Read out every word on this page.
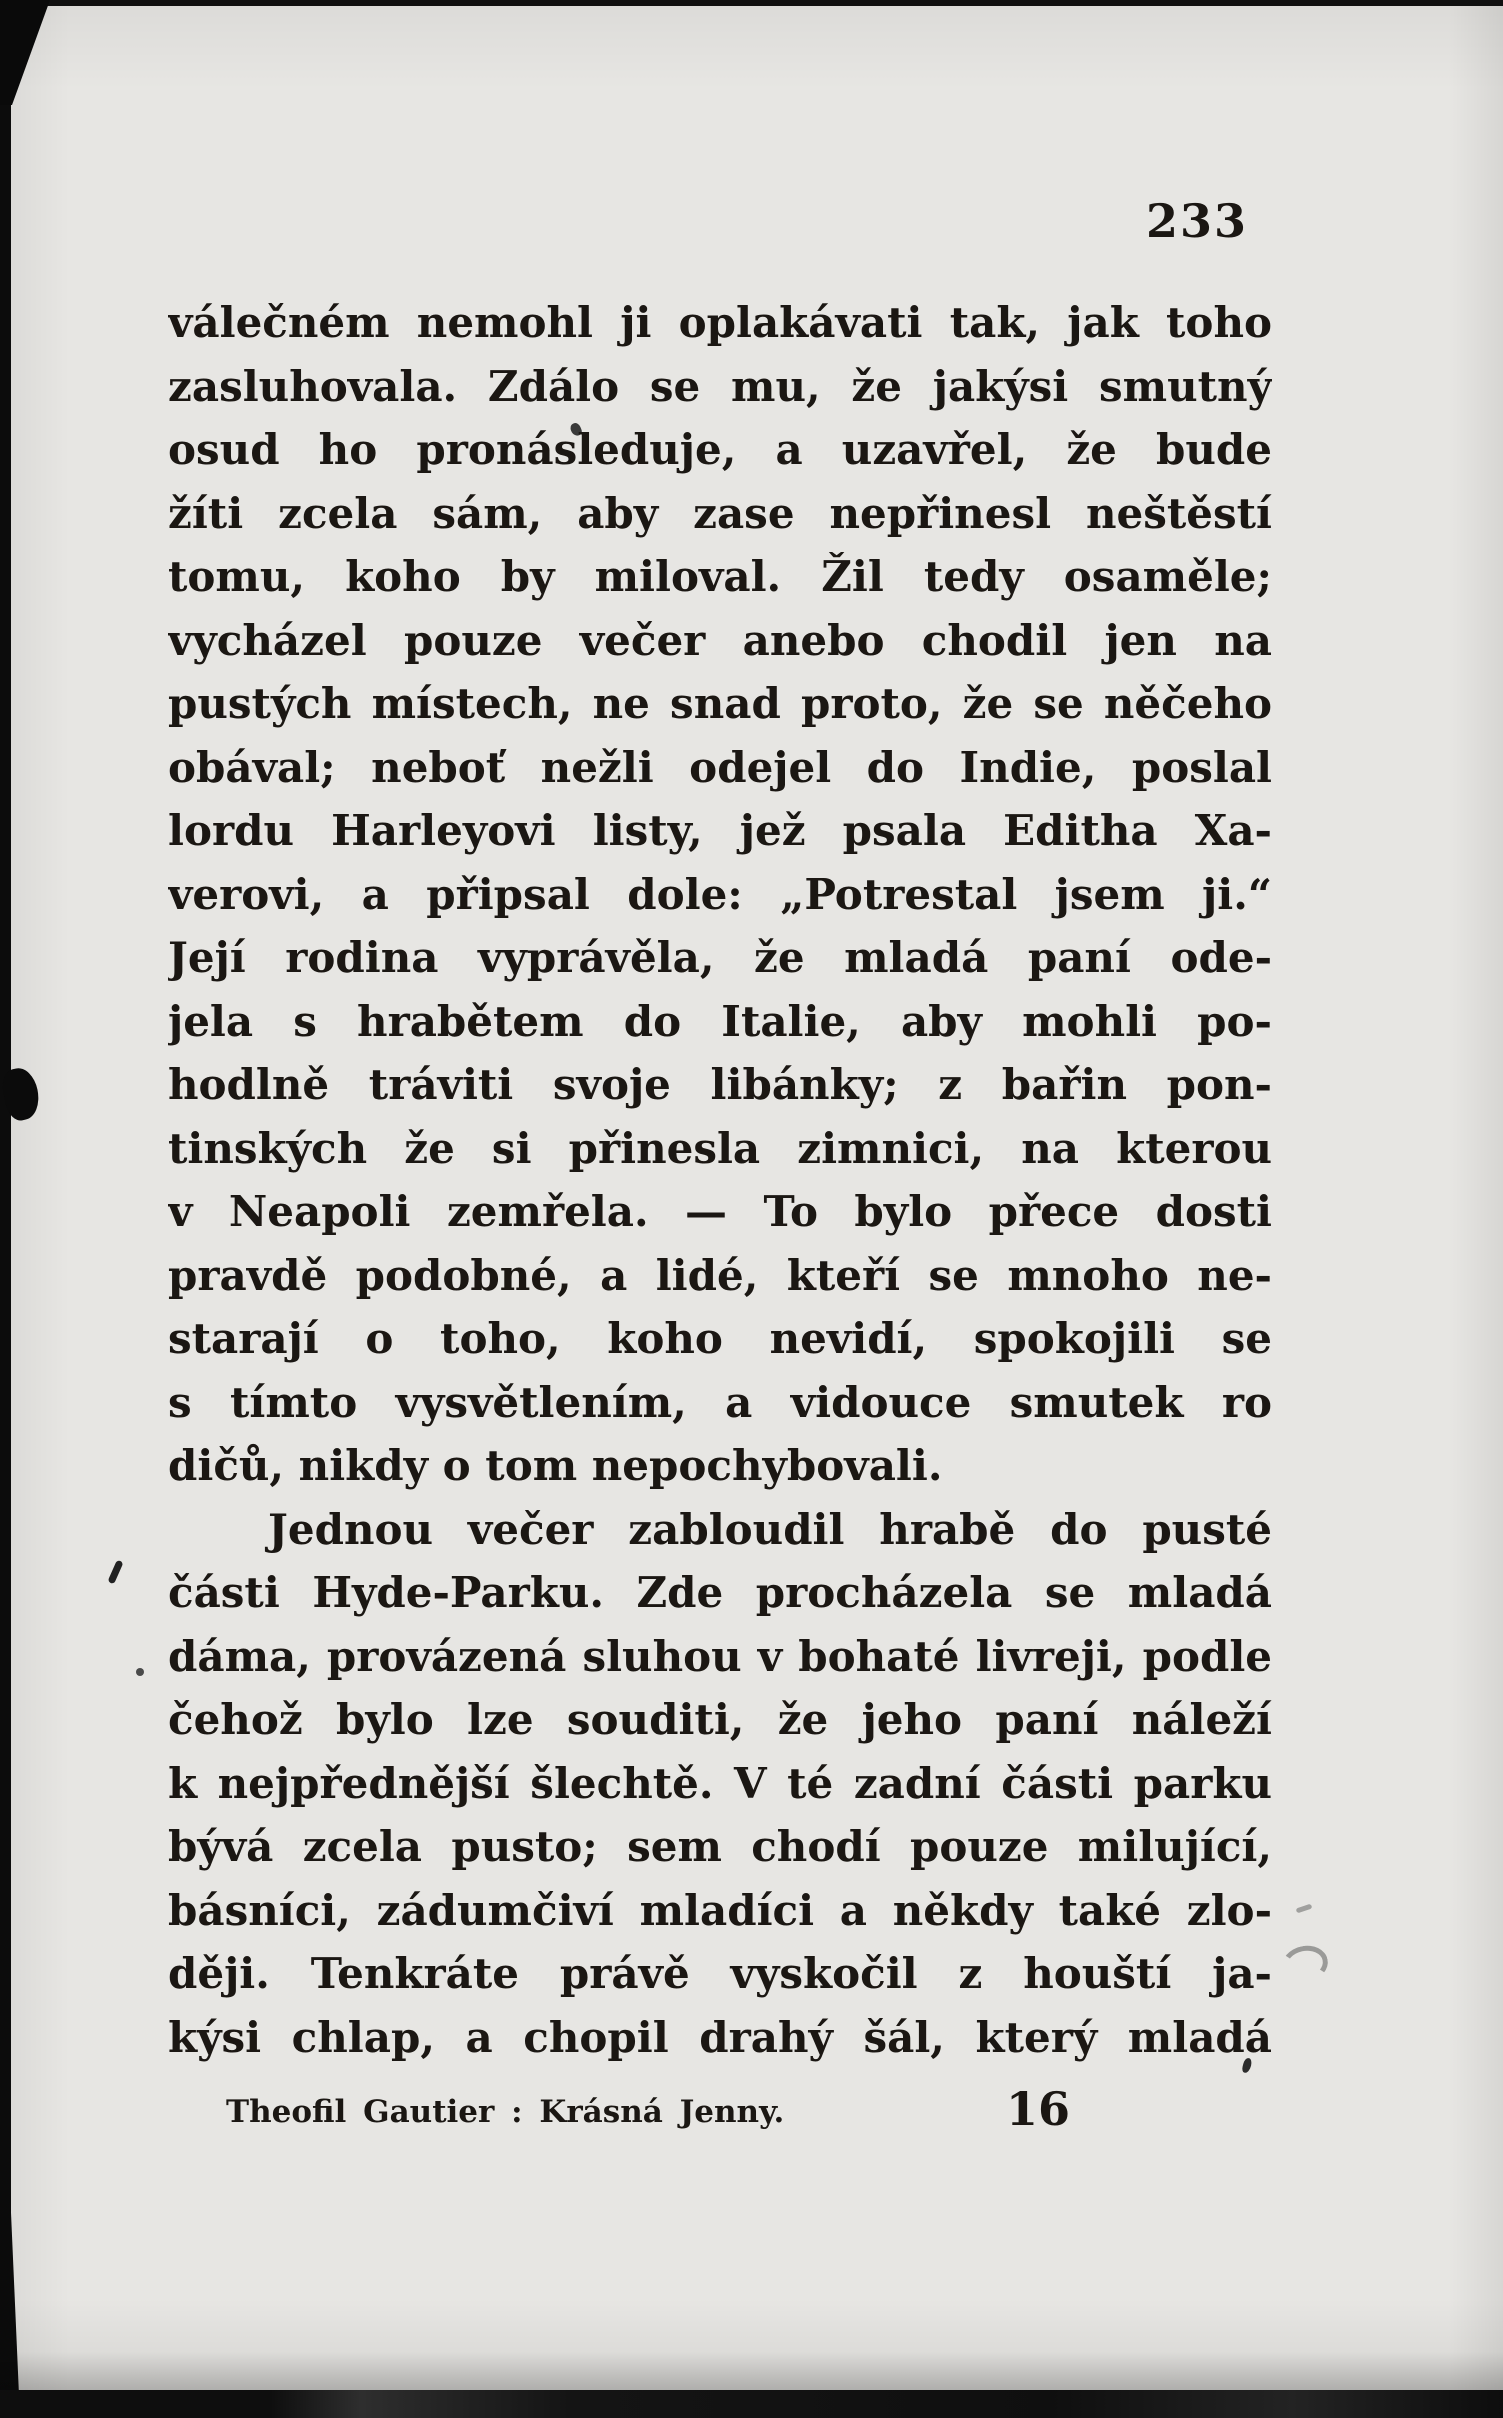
233
válečném nemohl ji oplakávati tak, jak toho
zasluhovala. Zdálo se mu, že jakýsi smutný
osud ho pronásleduje, a uzavřel, že bude
žíti zcela sám, aby zase nepřinesl neštěstí
tomu, koho by miloval. Žil tedy osaměle;
vycházel pouze večer anebo chodil jen na
pustých místech, ne snad proto, že se něčeho
obával; neboť nežli odejel do Indie, poslal
lordu Harleyovi listy, jež psala Editha Xa-
verovi, a připsal dole: „Potrestal jsem ji.“
Její rodina vyprávěla, že mladá paní ode-
jela s hrabětem do Italie, aby mohli po-
hodlně tráviti svoje libánky; z bařin pon-
tinských že si přinesla zimnici, na kterou
v Neapoli zemřela. — To bylo přece dosti
pravdě podobné, a lidé, kteří se mnoho ne-
starají o toho, koho nevidí, spokojili se
s tímto vysvětlením, a vidouce smutek ro
dičů, nikdy o tom nepochybovali.
Jednou večer zabloudil hrabě do pusté
části Hyde-Parku. Zde procházela se mladá
dáma, provázená sluhou v bohaté livreji, podle
čehož bylo lze souditi, že jeho paní náleží
k nejpřednější šlechtě. V té zadní části parku
bývá zcela pusto; sem chodí pouze milující,
básníci, zádumčiví mladíci a někdy také zlo-
ději. Tenkráte právě vyskočil z houští ja-
kýsi chlap, a chopil drahý šál, který mladá
Theofil Gautier : Krásná Jenny.	16
